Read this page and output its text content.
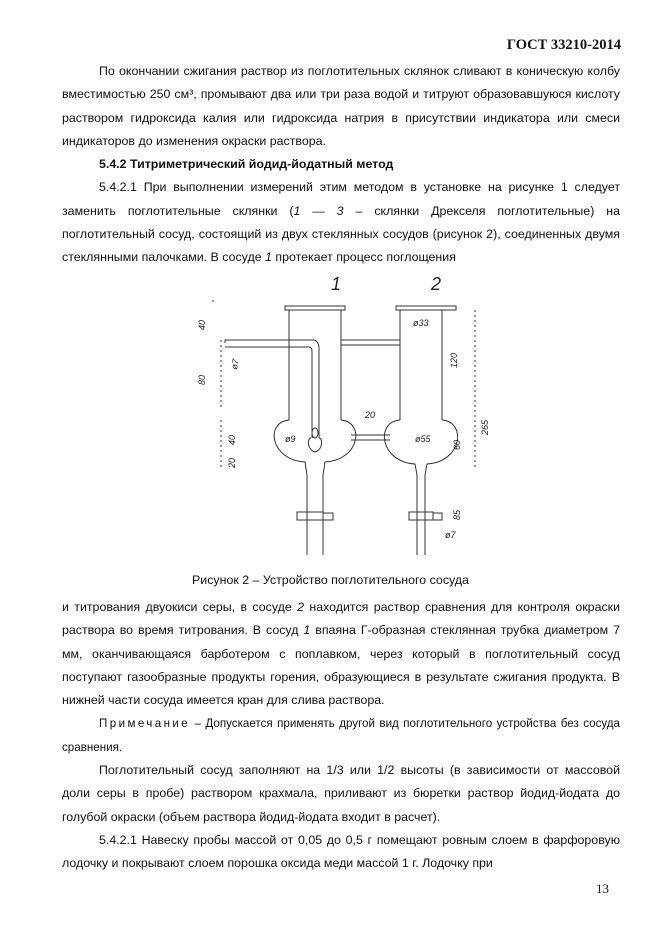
ГОСТ 33210-2014

По окончании сжигания раствор из поглотительных склянок сливают в коническую колбу вместимостью 250 см³, промывают два или три раза водой и титруют образовавшуюся кислоту раствором гидроксида калия или гидроксида натрия в присутствии индикатора или смеси индикаторов до изменения окраски раствора.

5.4.2 Титриметрический йодид-йодатный метод

5.4.2.1 При выполнении измерений этим методом в установке на рисунке 1 следует заменить поглотительные склянки (1 — 3 – склянки Дрекселя поглотительные) на поглотительный сосуд, состоящий из двух стеклянных сосудов (рисунок 2), соединенных двумя стеклянными палочками. В сосуде 1 протекает процесс поглощения

1	2
40
80
ø7
40
20
ø9
20
ø33
120
265
ø55
60
85
ø7
Рисунок 2 – Устройство поглотительного сосуда

и титрования двуокиси серы, в сосуде 2 находится раствор сравнения для контроля окраски раствора во время титрования. В сосуд 1 впаяна Г-образная стеклянная трубка диаметром 7 мм, оканчивающаяся барботером с поплавком, через который в поглотительный сосуд поступают газообразные продукты горения, образующиеся в результате сжигания продукта. В нижней части сосуда имеется кран для слива раствора.

Примечание – Допускается применять другой вид поглотительного устройства без сосуда сравнения.

Поглотительный сосуд заполняют на 1/3 или 1/2 высоты (в зависимости от массовой доли серы в пробе) раствором крахмала, приливают из бюретки раствор йодид-йодата до голубой окраски (объем раствора йодид-йодата входит в расчет).

5.4.2.1 Навеску пробы массой от 0,05 до 0,5 г помещают ровным слоем в фарфоровую лодочку и покрывают слоем порошка оксида меди массой 1 г. Лодочку при

13
